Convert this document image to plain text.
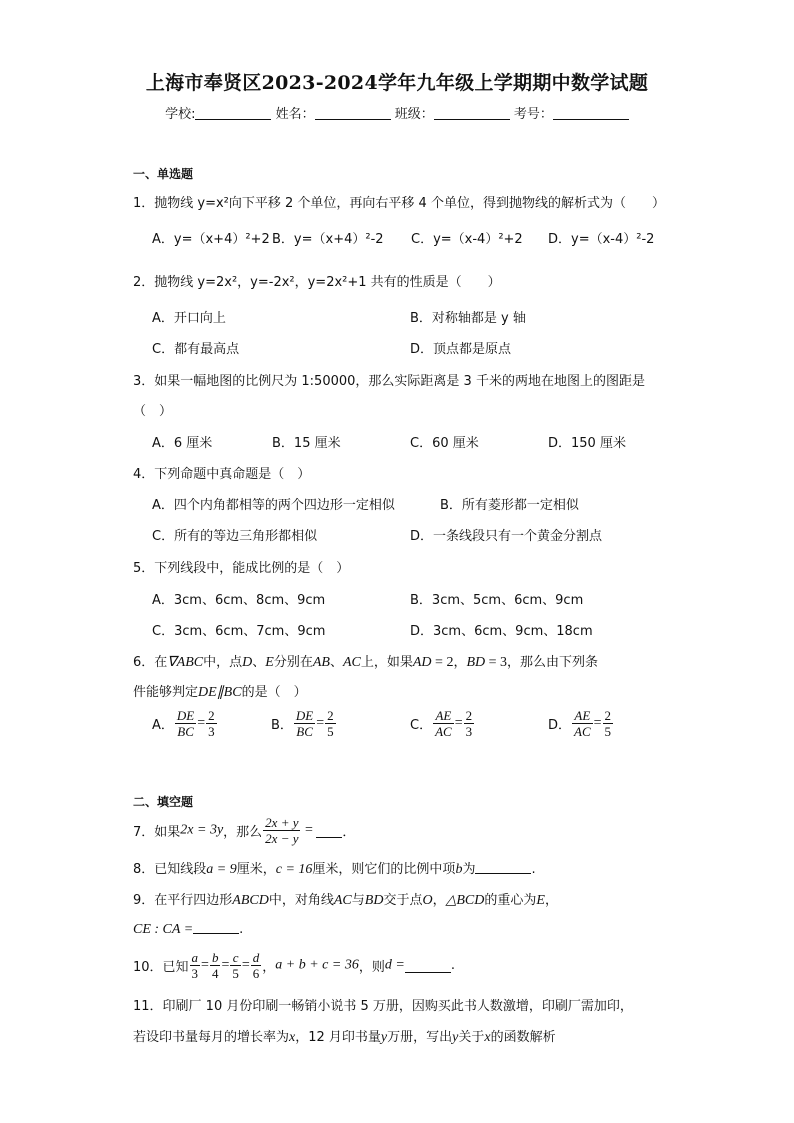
上海市奉贤区2023-2024学年九年级上学期期中数学试题
学校:	姓名：	班级：	考号：
一、单选题
1．抛物线 y=x²向下平移 2 个单位，再向右平移 4 个单位，得到抛物线的解析式为（　　）
A．y=（x+4）²+2 B．y=（x+4）²-2 C．y=（x-4）²+2 D．y=（x-4）²-2
2．抛物线 y=2x²，y=-2x²，y=2x²+1 共有的性质是（　　）
A．开口向上	B．对称轴都是 y 轴
C．都有最高点	D．顶点都是原点
3．如果一幅地图的比例尺为 1:50000，那么实际距离是 3 千米的两地在地图上的图距是
（　）
A．6 厘米	B．15 厘米	C．60 厘米	D．150 厘米
4．下列命题中真命题是（　）
A．四个内角都相等的两个四边形一定相似	B．所有菱形都一定相似
C．所有的等边三角形都相似	D．一条线段只有一个黄金分割点
5．下列线段中，能成比例的是（　）
A．3cm、6cm、8cm、9cm	B．3cm、5cm、6cm、9cm
C．3cm、6cm、7cm、9cm	D．3cm、6cm、9cm、18cm
6．在∇ABC中，点D、E分别在AB、AC上，如果AD = 2，BD = 3，那么由下列条
件能够判定DE∥BC的是（　）
A． $\frac{DE}{BC} = \frac{2}{3}$	B． $\frac{DE}{BC} = \frac{2}{5}$	C． $\frac{AE}{AC} = \frac{2}{3}$	D． $\frac{AE}{AC} = \frac{2}{5}$
二、填空题
7．如果2x = 3y，那么 $\frac{2x + y}{2x - y}$ = ．
8．已知线段a = 9厘米，c = 16厘米，则它们的比例中项b为	.
9．在平行四边形ABCD中，对角线AC与BD交于点O，△BCD的重心为E，
CE : CA =	.
10．已知 $\frac{a}{3} = \frac{b}{4} = \frac{c}{5} = \frac{d}{6}$ ，a + b + c = 36，则d =	.
11．印刷厂 10 月份印刷一畅销小说书 5 万册，因购买此书人数激增，印刷厂需加印，
若设印书量每月的增长率为x，12 月印书量y万册，写出y关于x的函数解析
